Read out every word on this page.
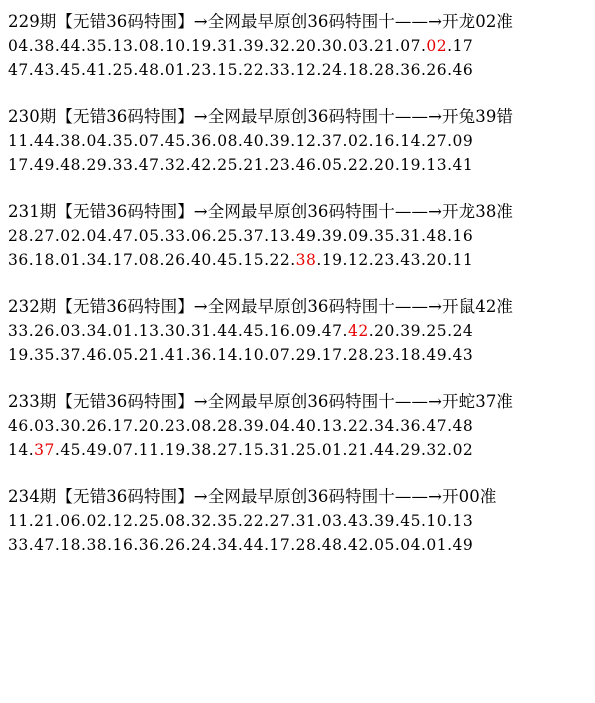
229期【无错36码特围】→全网最早原创36码特围十——→开龙02准
04.38.44.35.13.08.10.19.31.39.32.20.30.03.21.07.02.17
47.43.45.41.25.48.01.23.15.22.33.12.24.18.28.36.26.46
230期【无错36码特围】→全网最早原创36码特围十——→开兔39错
11.44.38.04.35.07.45.36.08.40.39.12.37.02.16.14.27.09
17.49.48.29.33.47.32.42.25.21.23.46.05.22.20.19.13.41
231期【无错36码特围】→全网最早原创36码特围十——→开龙38准
28.27.02.04.47.05.33.06.25.37.13.49.39.09.35.31.48.16
36.18.01.34.17.08.26.40.45.15.22.38.19.12.23.43.20.11
232期【无错36码特围】→全网最早原创36码特围十——→开鼠42准
33.26.03.34.01.13.30.31.44.45.16.09.47.42.20.39.25.24
19.35.37.46.05.21.41.36.14.10.07.29.17.28.23.18.49.43
233期【无错36码特围】→全网最早原创36码特围十——→开蛇37准
46.03.30.26.17.20.23.08.28.39.04.40.13.22.34.36.47.48
14.37.45.49.07.11.19.38.27.15.31.25.01.21.44.29.32.02
234期【无错36码特围】→全网最早原创36码特围十——→开00准
11.21.06.02.12.25.08.32.35.22.27.31.03.43.39.45.10.13
33.47.18.38.16.36.26.24.34.44.17.28.48.42.05.04.01.49
